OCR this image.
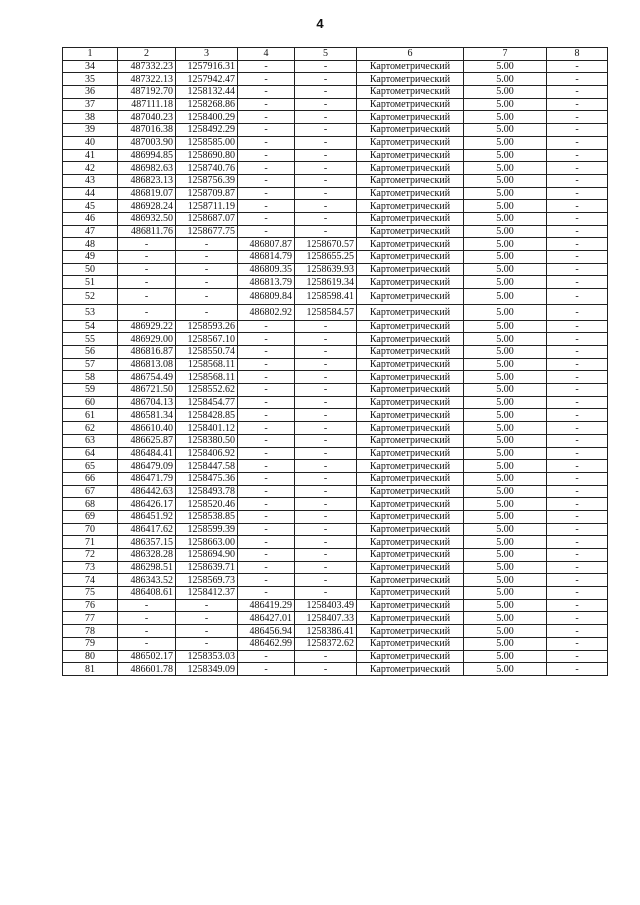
4
1	2	3	4	5	6	7	8
34	487332.23	1257916.31	-	-	Картометрический	5.00	-
35	487322.13	1257942.47	-	-	Картометрический	5.00	-
36	487192.70	1258132.44	-	-	Картометрический	5.00	-
37	487111.18	1258268.86	-	-	Картометрический	5.00	-
38	487040.23	1258400.29	-	-	Картометрический	5.00	-
39	487016.38	1258492.29	-	-	Картометрический	5.00	-
40	487003.90	1258585.00	-	-	Картометрический	5.00	-
41	486994.85	1258690.80	-	-	Картометрический	5.00	-
42	486982.63	1258740.76	-	-	Картометрический	5.00	-
43	486823.13	1258756.39	-	-	Картометрический	5.00	-
44	486819.07	1258709.87	-	-	Картометрический	5.00	-
45	486928.24	1258711.19	-	-	Картометрический	5.00	-
46	486932.50	1258687.07	-	-	Картометрический	5.00	-
47	486811.76	1258677.75	-	-	Картометрический	5.00	-
48	-	-	486807.87	1258670.57	Картометрический	5.00	-
49	-	-	486814.79	1258655.25	Картометрический	5.00	-
50	-	-	486809.35	1258639.93	Картометрический	5.00	-
51	-	-	486813.79	1258619.34	Картометрический	5.00	-
52	-	-	486809.84	1258598.41	Картометрический	5.00	-
53	-	-	486802.92	1258584.57	Картометрический	5.00	-
54	486929.22	1258593.26	-	-	Картометрический	5.00	-
55	486929.00	1258567.10	-	-	Картометрический	5.00	-
56	486816.87	1258550.74	-	-	Картометрический	5.00	-
57	486813.08	1258568.11	-	-	Картометрический	5.00	-
58	486754.49	1258568.11	-	-	Картометрический	5.00	-
59	486721.50	1258552.62	-	-	Картометрический	5.00	-
60	486704.13	1258454.77	-	-	Картометрический	5.00	-
61	486581.34	1258428.85	-	-	Картометрический	5.00	-
62	486610.40	1258401.12	-	-	Картометрический	5.00	-
63	486625.87	1258380.50	-	-	Картометрический	5.00	-
64	486484.41	1258406.92	-	-	Картометрический	5.00	-
65	486479.09	1258447.58	-	-	Картометрический	5.00	-
66	486471.79	1258475.36	-	-	Картометрический	5.00	-
67	486442.63	1258493.78	-	-	Картометрический	5.00	-
68	486426.17	1258520.46	-	-	Картометрический	5.00	-
69	486451.92	1258538.85	-	-	Картометрический	5.00	-
70	486417.62	1258599.39	-	-	Картометрический	5.00	-
71	486357.15	1258663.00	-	-	Картометрический	5.00	-
72	486328.28	1258694.90	-	-	Картометрический	5.00	-
73	486298.51	1258639.71	-	-	Картометрический	5.00	-
74	486343.52	1258569.73	-	-	Картометрический	5.00	-
75	486408.61	1258412.37	-	-	Картометрический	5.00	-
76	-	-	486419.29	1258403.49	Картометрический	5.00	-
77	-	-	486427.01	1258407.33	Картометрический	5.00	-
78	-	-	486456.94	1258386.41	Картометрический	5.00	-
79	-	-	486462.99	1258372.62	Картометрический	5.00	-
80	486502.17	1258353.03	-	-	Картометрический	5.00	-
81	486601.78	1258349.09	-	-	Картометрический	5.00	-
